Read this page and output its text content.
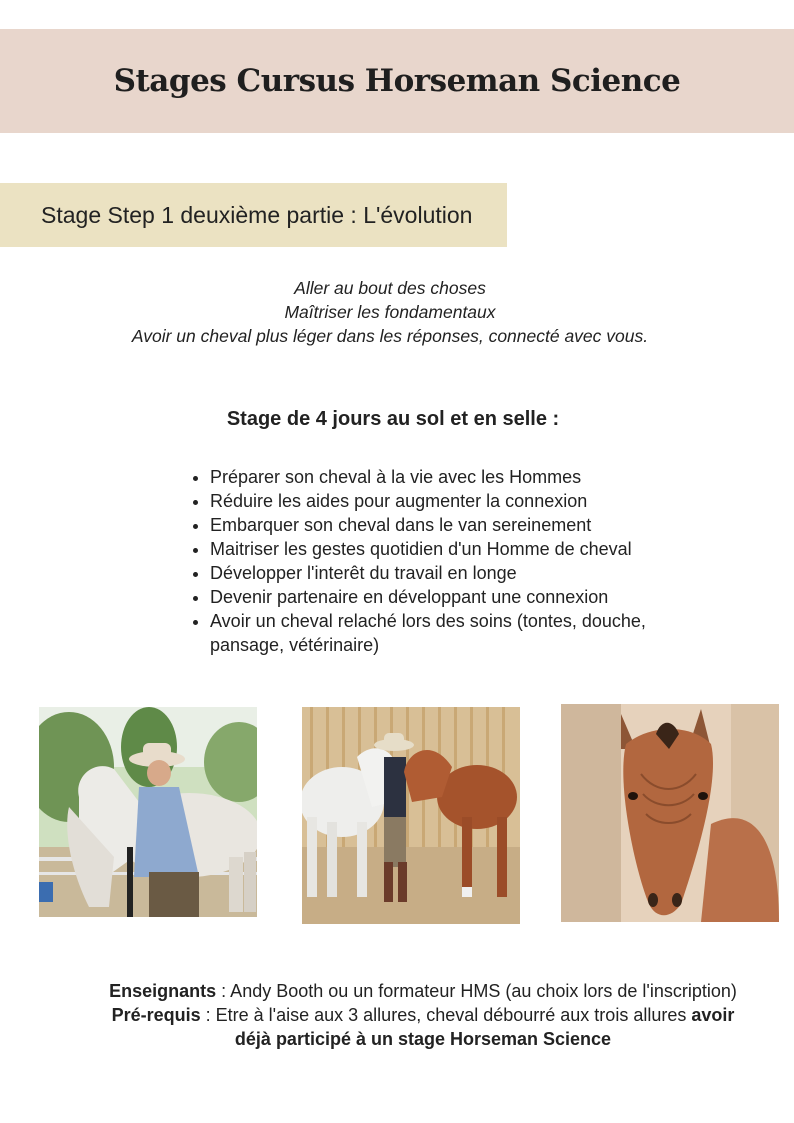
Stages Cursus Horseman Science
Stage Step 1 deuxième partie : L'évolution
Aller au bout des choses
Maîtriser les fondamentaux
Avoir un cheval plus léger dans les réponses, connecté avec vous.
Stage de 4 jours au sol et en selle :
• Préparer son cheval à la vie avec les Hommes
• Réduire les aides pour augmenter la connexion
• Embarquer son cheval dans le van sereinement
• Maitriser les gestes quotidien d'un Homme de cheval
• Développer l'interêt du travail en longe
• Devenir partenaire en développant une connexion
• Avoir un cheval relaché lors des soins (tontes, douche, pansage, vétérinaire)

Enseignants : Andy Booth ou un formateur HMS (au choix lors de l'inscription)

Pré-requis : Etre à l'aise aux 3 allures, cheval débourré aux trois allures avoir déjà participé à un stage Horseman Science
